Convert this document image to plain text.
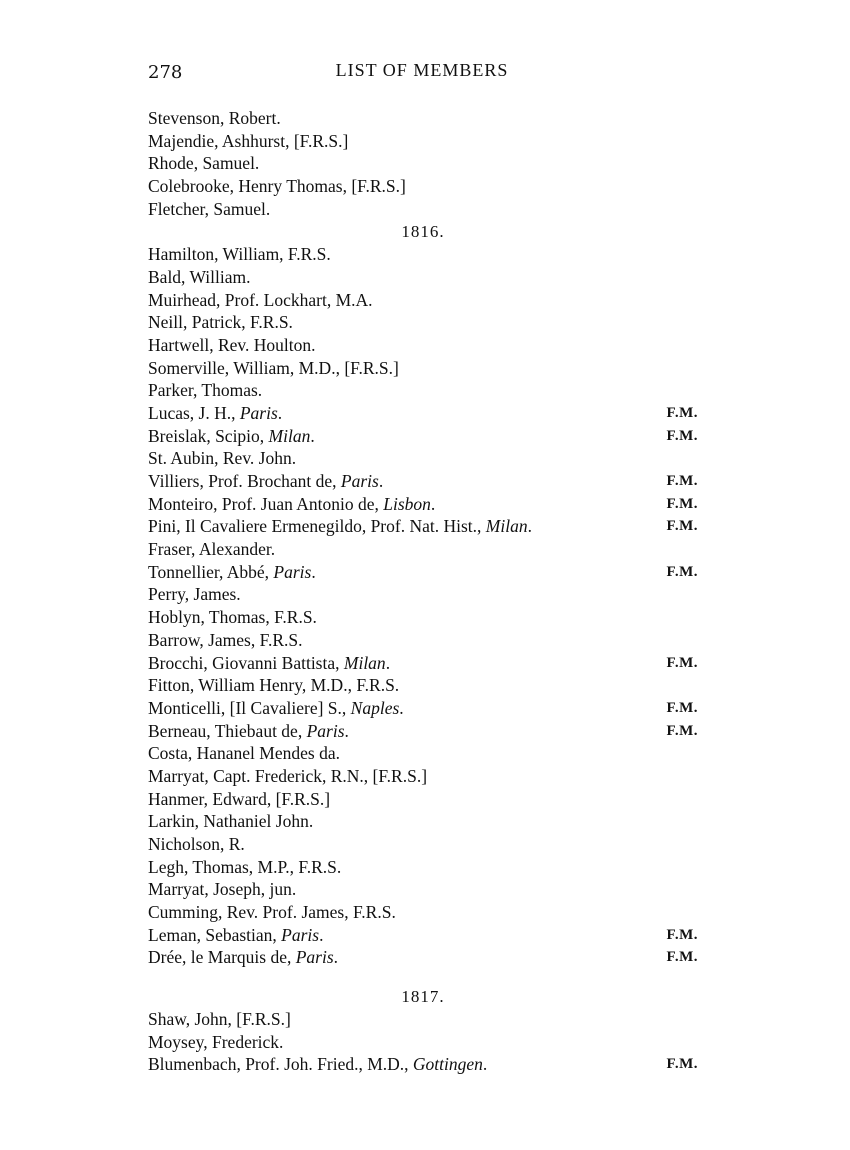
278	LIST OF MEMBERS
Stevenson, Robert.
Majendie, Ashhurst, [F.R.S.]
Rhode, Samuel.
Colebrooke, Henry Thomas, [F.R.S.]
Fletcher, Samuel.
1816.
Hamilton, William, F.R.S.
Bald, William.
Muirhead, Prof. Lockhart, M.A.
Neill, Patrick, F.R.S.
Hartwell, Rev. Houlton.
Somerville, William, M.D., [F.R.S.]
Parker, Thomas.
Lucas, J. H., Paris.	F.M.
Breislak, Scipio, Milan.	F.M.
St. Aubin, Rev. John.
Villiers, Prof. Brochant de, Paris.	F.M.
Monteiro, Prof. Juan Antonio de, Lisbon.	F.M.
Pini, Il Cavaliere Ermenegildo, Prof. Nat. Hist., Milan.	F.M.
Fraser, Alexander.
Tonnellier, Abbé, Paris.	F.M.
Perry, James.
Hoblyn, Thomas, F.R.S.
Barrow, James, F.R.S.
Brocchi, Giovanni Battista, Milan.	F.M.
Fitton, William Henry, M.D., F.R.S.
Monticelli, [Il Cavaliere] S., Naples.	F.M.
Berneau, Thiebaut de, Paris.	F.M.
Costa, Hananel Mendes da.
Marryat, Capt. Frederick, R.N., [F.R.S.]
Hanmer, Edward, [F.R.S.]
Larkin, Nathaniel John.
Nicholson, R.
Legh, Thomas, M.P., F.R.S.
Marryat, Joseph, jun.
Cumming, Rev. Prof. James, F.R.S.
Leman, Sebastian, Paris.	F.M.
Drée, le Marquis de, Paris.	F.M.
1817.
Shaw, John, [F.R.S.]
Moysey, Frederick.
Blumenbach, Prof. Joh. Fried., M.D., Gottingen.	F.M.
